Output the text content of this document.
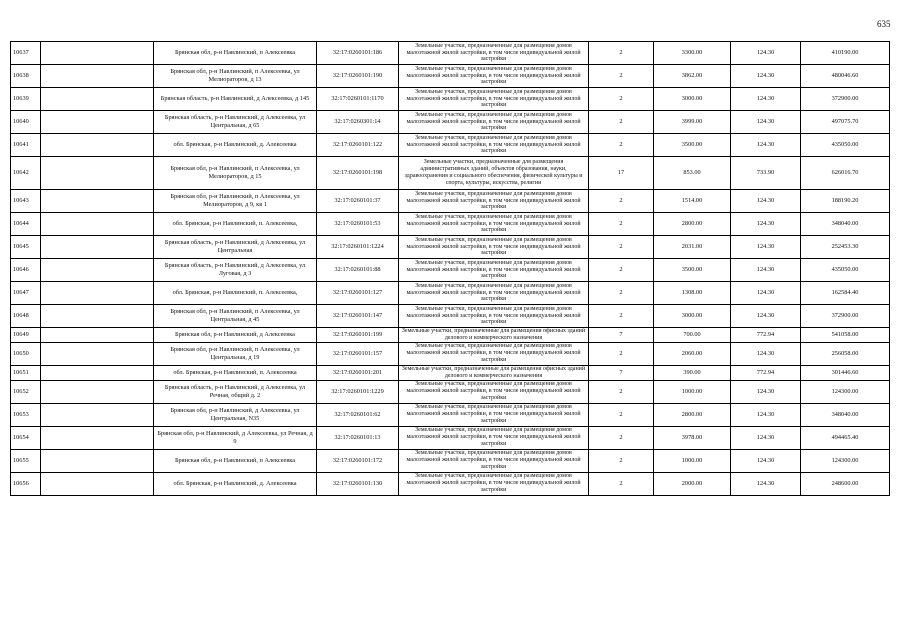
635
10637		Брянская обл, р-н Навлинский, п Алексеевка	32:17:0260101:186	Земельные участки, предназначенные для размещения домов малоэтажной жилой застройки, в том числе индивидуальной жилой застройки	2	3300.00	124.30	410190.00
10638		Брянская обл, р-н Навлинский, п Алексеевка, ул Мелиораторов, д 13	32:17:0260101:190	Земельные участки, предназначенные для размещения домов малоэтажной жилой застройки, в том числе индивидуальной жилой застройки	2	3862.00	124.30	480046.60
10639		Брянская область, р-н Навлинский, д Алексеевка, д 145	32:17:0260101:1170	Земельные участки, предназначенные для размещения домов малоэтажной жилой застройки, в том числе индивидуальной жилой застройки	2	3000.00	124.30	372900.00
10640		Брянская область, р-н Навлинский, д Алексеевка, ул Центральная, д 65	32:17:0260301:14	Земельные участки, предназначенные для размещения домов малоэтажной жилой застройки, в том числе индивидуальной жилой застройки	2	3999.00	124.30	497075.70
10641		обл. Брянская, р-н Навлинский, д. Алексеевка	32:17:0260101:122	Земельные участки, предназначенные для размещения домов малоэтажной жилой застройки, в том числе индивидуальной жилой застройки	2	3500.00	124.30	435050.00
10642		Брянская обл, р-н Навлинский, п Алексеевка, ул Мелиораторов, д 15	32:17:0260101:198	Земельные участки, предназначенные для размещения административных зданий, объектов образования, науки, здравоохранения и социального обеспечения, физической культуры и спорта, культуры, искусства, религии	17	853.00	733.90	626016.70
10643		Брянская обл, р-н Навлинский, п Алексеевка, ул Мелиораторов, д 9, кв 1	32:17:0260101:37	Земельные участки, предназначенные для размещения домов малоэтажной жилой застройки, в том числе индивидуальной жилой застройки	2	1514.00	124.30	188190.20
10644		обл. Брянская, р-н Навлинский, п. Алексеевка,	32:17:0260101:53	Земельные участки, предназначенные для размещения домов малоэтажной жилой застройки, в том числе индивидуальной жилой застройки	2	2800.00	124.30	348040.00
10645		Брянская область, р-н Навлинский, д Алексеевка, ул Центральная	32:17:0260101:1224	Земельные участки, предназначенные для размещения домов малоэтажной жилой застройки, в том числе индивидуальной жилой застройки	2	2031.00	124.30	252453.30
10646		Брянская область, р-н Навлинский, д Алексеевка, ул Луговая, д 3	32:17:0260101:88	Земельные участки, предназначенные для размещения домов малоэтажной жилой застройки, в том числе индивидуальной жилой застройки	2	3500.00	124.30	435050.00
10647		обл. Брянская, р-н Навлинский, п. Алексеевка,	32:17:0260101:127	Земельные участки, предназначенные для размещения домов малоэтажной жилой застройки, в том числе индивидуальной жилой застройки	2	1308.00	124.30	162584.40
10648		Брянская обл, р-н Навлинский, п Алексеевка, ул Центральная, д 45	32:17:0260101:147	Земельные участки, предназначенные для размещения домов малоэтажной жилой застройки, в том числе индивидуальной жилой застройки	2	3000.00	124.30	372900.00
10649		Брянская обл, р-н Навлинский, д Алексеевка	32:17:0260101:199	Земельные участки, предназначенные для размещения офисных зданий делового и коммерческого назначения	7	700.00	772.94	541058.00
10650		Брянская обл, р-н Навлинский, п Алексеевка, ул Центральная, д 19	32:17:0260101:157	Земельные участки, предназначенные для размещения домов малоэтажной жилой застройки, в том числе индивидуальной жилой застройки	2	2060.00	124.30	256058.00
10651		обл. Брянская, р-н Навлинский, п. Алексеевка	32:17:0260101:201	Земельные участки, предназначенные для размещения офисных зданий делового и коммерческого назначения	7	390.00	772.94	301446.60
10652		Брянская область, р-н Навлинский, д Алексеевка, ул Речная, общий д. 2	32:17:0260101:1229	Земельные участки, предназначенные для размещения домов малоэтажной жилой застройки, в том числе индивидуальной жилой застройки	2	1000.00	124.30	124300.00
10653		Брянская обл, р-н Навлинский, д Алексеевка, ул Центральная, N35	32:17:0260101:62	Земельные участки, предназначенные для размещения домов малоэтажной жилой застройки, в том числе индивидуальной жилой застройки	2	2800.00	124.30	348040.00
10654		Брянская обл, р-н Навлинский, д Алексеевка, ул Речная, д 9	32:17:0260101:13	Земельные участки, предназначенные для размещения домов малоэтажной жилой застройки, в том числе индивидуальной жилой застройки	2	3978.00	124.30	494465.40
10655		Брянская обл, р-н Навлинский, п Алексеевка	32:17:0260101:172	Земельные участки, предназначенные для размещения домов малоэтажной жилой застройки, в том числе индивидуальной жилой застройки	2	1000.00	124.30	124300.00
10656		обл. Брянская, р-н Навлинский, д. Алексеевка	32:17:0260101:130	Земельные участки, предназначенные для размещения домов малоэтажной жилой застройки, в том числе индивидуальной жилой застройки	2	2000.00	124.30	248600.00
